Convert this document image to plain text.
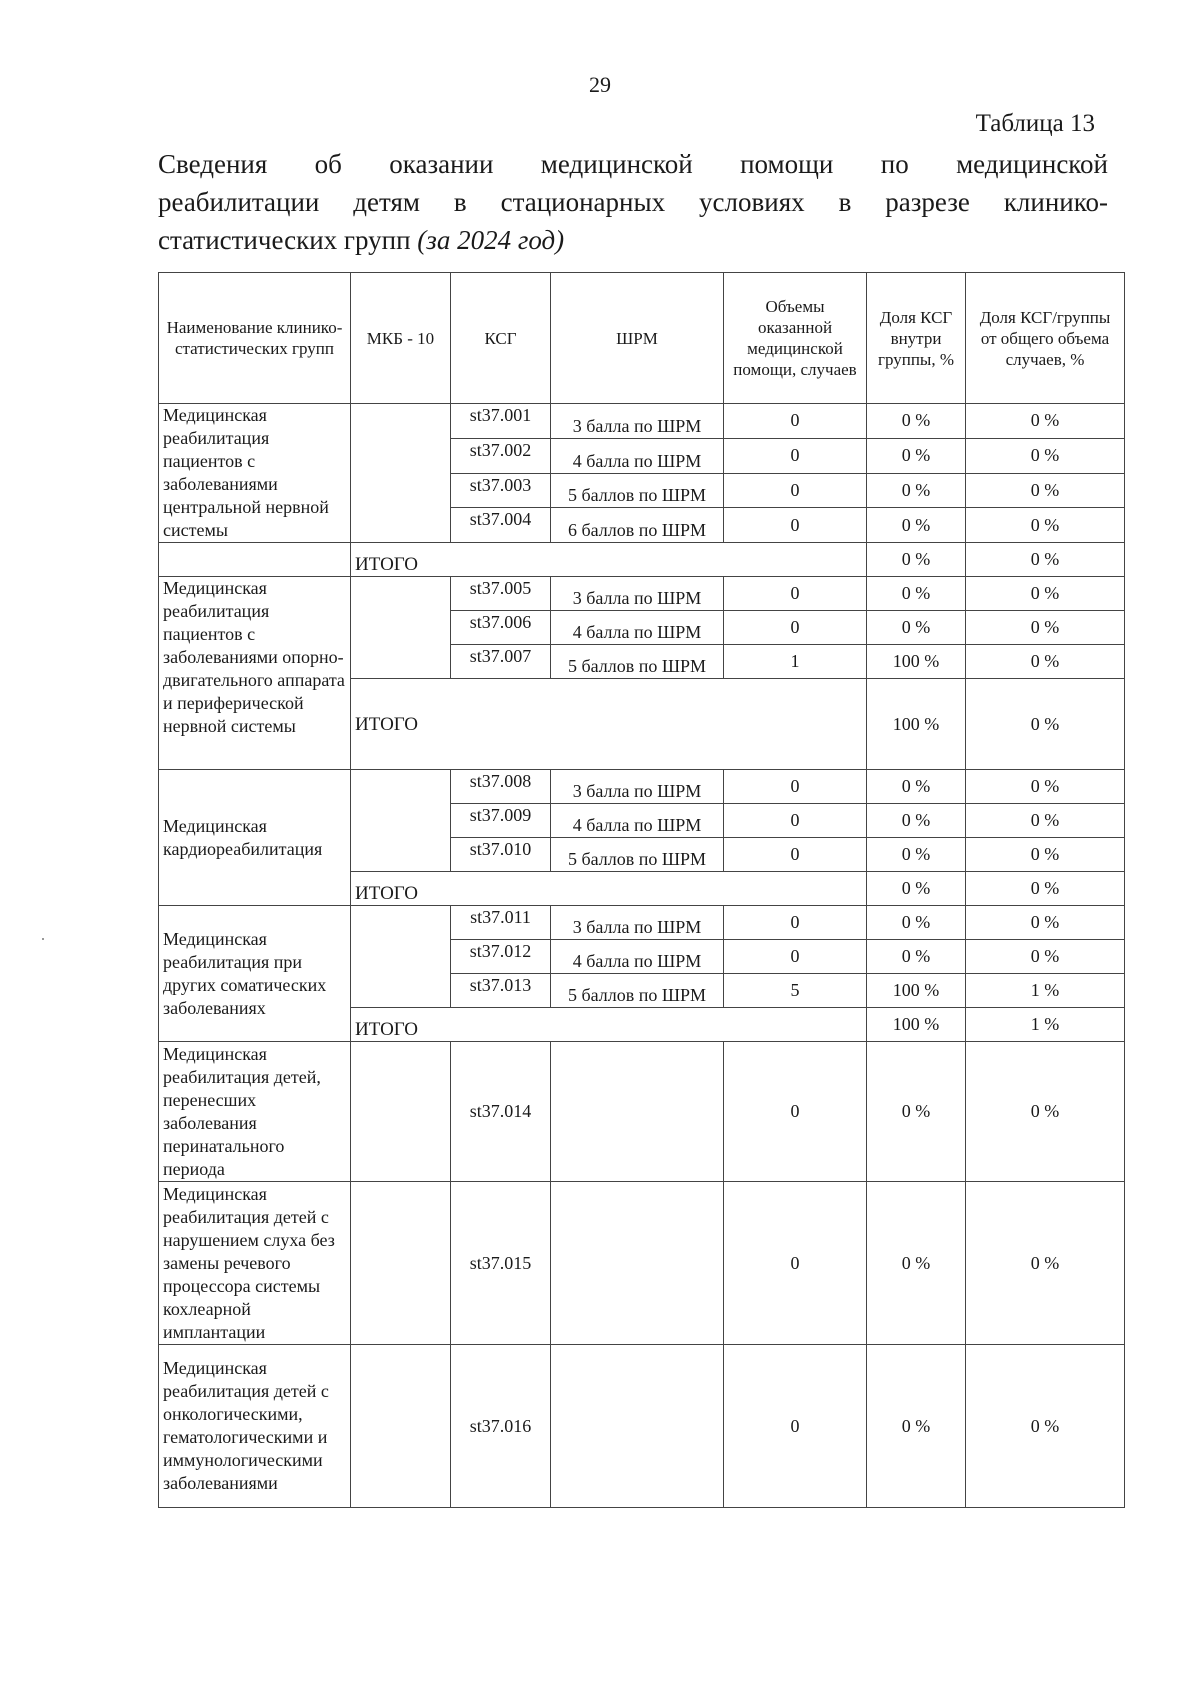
29
Таблица 13
Сведения об оказании медицинской помощи по медицинской
реабилитации детям в стационарных условиях в разрезе клинико-
статистических групп (за 2024 год)
Наименование клинико-статистических групп	МКБ - 10	КСГ	ШРМ	Объемы оказанной медицинской помощи, случаев	Доля КСГ внутри группы, %	Доля КСГ/группы от общего объема случаев, %
Медицинская реабилитация пациентов с заболеваниями центральной нервной системы		st37.001	3 балла по ШРМ	0	0 %	0 %
		st37.002	4 балла по ШРМ	0	0 %	0 %
		st37.003	5 баллов по ШРМ	0	0 %	0 %
		st37.004	6 баллов по ШРМ	0	0 %	0 %
	ИТОГО				0 %	0 %
Медицинская реабилитация пациентов с заболеваниями опорно-двигательного аппарата и периферической нервной системы		st37.005	3 балла по ШРМ	0	0 %	0 %
		st37.006	4 балла по ШРМ	0	0 %	0 %
		st37.007	5 баллов по ШРМ	1	100 %	0 %
	ИТОГО				100 %	0 %
Медицинская кардиореабилитация		st37.008	3 балла по ШРМ	0	0 %	0 %
		st37.009	4 балла по ШРМ	0	0 %	0 %
		st37.010	5 баллов по ШРМ	0	0 %	0 %
	ИТОГО				0 %	0 %
Медицинская реабилитация при других соматических заболеваниях		st37.011	3 балла по ШРМ	0	0 %	0 %
		st37.012	4 балла по ШРМ	0	0 %	0 %
		st37.013	5 баллов по ШРМ	5	100 %	1 %
	ИТОГО				100 %	1 %
Медицинская реабилитация детей, перенесших заболевания перинатального периода		st37.014		0	0 %	0 %
Медицинская реабилитация детей с нарушением слуха без замены речевого процессора системы кохлеарной имплантации		st37.015		0	0 %	0 %
Медицинская реабилитация детей с онкологическими, гематологическими и иммунологическими заболеваниями		st37.016		0	0 %	0 %
